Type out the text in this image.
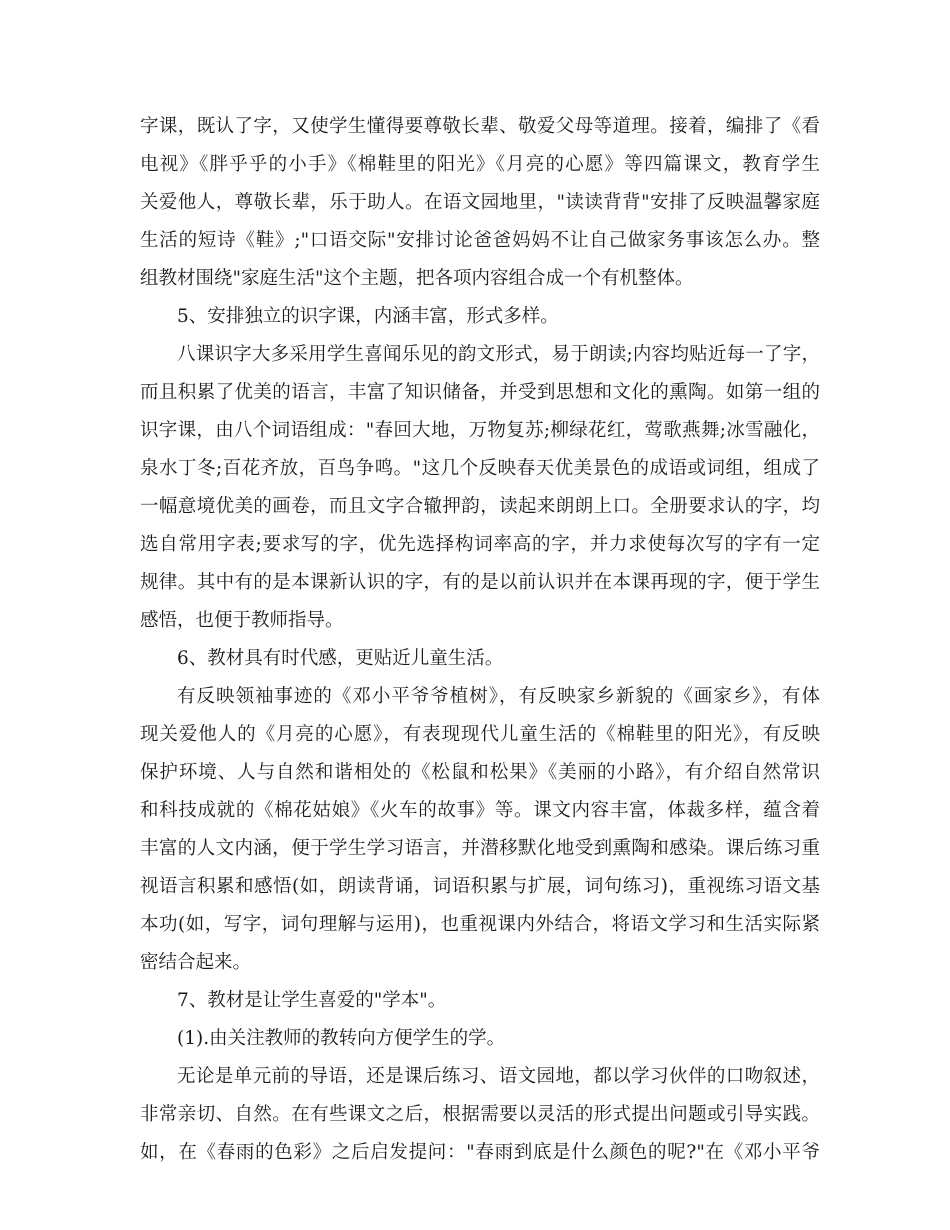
字课，既认了字，又使学生懂得要尊敬长辈、敬爱父母等道理。接着，编排了《看
电视》《胖乎乎的小手》《棉鞋里的阳光》《月亮的心愿》等四篇课文，教育学生
关爱他人，尊敬长辈，乐于助人。在语文园地里，"读读背背"安排了反映温馨家庭
生活的短诗《鞋》;"口语交际"安排讨论爸爸妈妈不让自己做家务事该怎么办。整
组教材围绕"家庭生活"这个主题，把各项内容组合成一个有机整体。
5、安排独立的识字课，内涵丰富，形式多样。
八课识字大多采用学生喜闻乐见的韵文形式，易于朗读;内容均贴近每一了字，
而且积累了优美的语言，丰富了知识储备，并受到思想和文化的熏陶。如第一组的
识字课，由八个词语组成："春回大地，万物复苏;柳绿花红，莺歌燕舞;冰雪融化，
泉水丁冬;百花齐放，百鸟争鸣。"这几个反映春天优美景色的成语或词组，组成了
一幅意境优美的画卷，而且文字合辙押韵，读起来朗朗上口。全册要求认的字，均
选自常用字表;要求写的字，优先选择构词率高的字，并力求使每次写的字有一定
规律。其中有的是本课新认识的字，有的是以前认识并在本课再现的字，便于学生
感悟，也便于教师指导。
6、教材具有时代感，更贴近儿童生活。
有反映领袖事迹的《邓小平爷爷植树》，有反映家乡新貌的《画家乡》，有体
现关爱他人的《月亮的心愿》，有表现现代儿童生活的《棉鞋里的阳光》，有反映
保护环境、人与自然和谐相处的《松鼠和松果》《美丽的小路》，有介绍自然常识
和科技成就的《棉花姑娘》《火车的故事》等。课文内容丰富，体裁多样，蕴含着
丰富的人文内涵，便于学生学习语言，并潜移默化地受到熏陶和感染。课后练习重
视语言积累和感悟(如，朗读背诵，词语积累与扩展，词句练习)，重视练习语文基
本功(如，写字，词句理解与运用)，也重视课内外结合，将语文学习和生活实际紧
密结合起来。
7、教材是让学生喜爱的"学本"。
(1).由关注教师的教转向方便学生的学。
无论是单元前的导语，还是课后练习、语文园地，都以学习伙伴的口吻叙述，
非常亲切、自然。在有些课文之后，根据需要以灵活的形式提出问题或引导实践。
如，在《春雨的色彩》之后启发提问："春雨到底是什么颜色的呢?"在《邓小平爷
